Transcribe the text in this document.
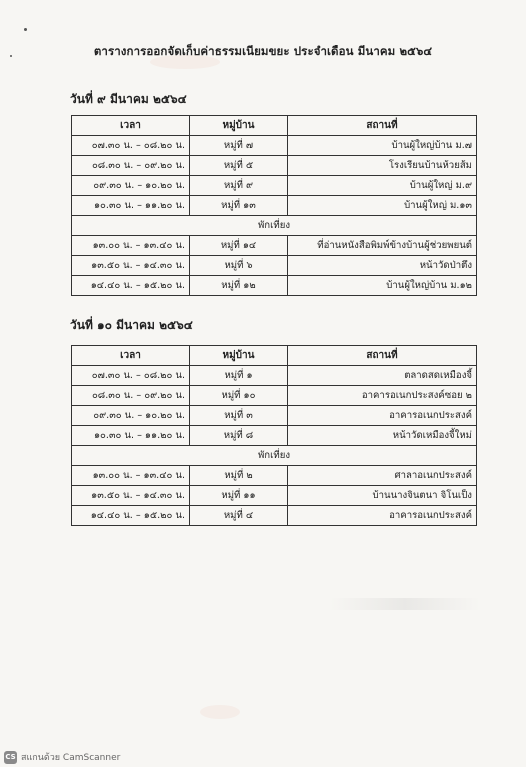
ตารางการออกจัดเก็บค่าธรรมเนียมขยะ ประจำเดือน มีนาคม ๒๕๖๔
วันที่ ๙ มีนาคม ๒๕๖๔
เวลา	หมู่บ้าน	สถานที่
๐๗.๓๐ น. – ๐๘.๒๐ น.	หมู่ที่ ๗	บ้านผู้ใหญ่บ้าน ม.๗
๐๘.๓๐ น. – ๐๙.๒๐ น.	หมู่ที่ ๕	โรงเรียนบ้านห้วยส้ม
๐๙.๓๐ น. – ๑๐.๒๐ น.	หมู่ที่ ๙	บ้านผู้ใหญ่ ม.๙
๑๐.๓๐ น. – ๑๑.๒๐ น.	หมู่ที่ ๑๓	บ้านผู้ใหญ่ ม.๑๓
พักเที่ยง		
๑๓.๐๐ น. – ๑๓.๔๐ น.	หมู่ที่ ๑๔	ที่อ่านหนังสือพิมพ์ข้างบ้านผู้ช่วยพยนต์
๑๓.๕๐ น. – ๑๔.๓๐ น.	หมู่ที่ ๖	หน้าวัดป่าตึง
๑๔.๔๐ น. – ๑๕.๒๐ น.	หมู่ที่ ๑๒	บ้านผู้ใหญ่บ้าน ม.๑๒
วันที่ ๑๐ มีนาคม ๒๕๖๔
เวลา	หมู่บ้าน	สถานที่
๐๗.๓๐ น. – ๐๘.๒๐ น.	หมู่ที่ ๑	ตลาดสดเหมืองจี้
๐๘.๓๐ น. – ๐๙.๒๐ น.	หมู่ที่ ๑๐	อาคารอเนกประสงค์ซอย ๒
๐๙.๓๐ น. – ๑๐.๒๐ น.	หมู่ที่ ๓	อาคารอเนกประสงค์
๑๐.๓๐ น. – ๑๑.๒๐ น.	หมู่ที่ ๘	หน้าวัดเหมืองจี้ใหม่
พักเที่ยง		
๑๓.๐๐ น. – ๑๓.๔๐ น.	หมู่ที่ ๒	ศาลาอเนกประสงค์
๑๓.๕๐ น. – ๑๔.๓๐ น.	หมู่ที่ ๑๑	บ้านนางจินตนา จิโนเป็ง
๑๔.๔๐ น. – ๑๕.๒๐ น.	หมู่ที่ ๔	อาคารอเนกประสงค์
CS สแกนด้วย CamScanner
